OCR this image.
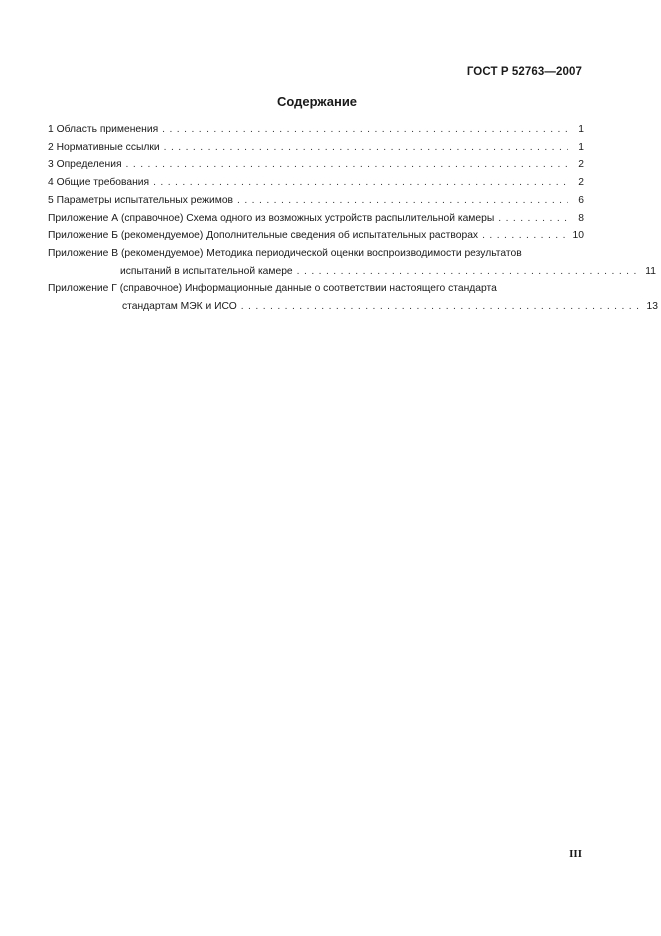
ГОСТ Р 52763—2007
Содержание
1 Область применения . . .	1
2 Нормативные ссылки . . .	1
3 Определения . . .	2
4 Общие требования . . .	2
5 Параметры испытательных режимов . . .	6
Приложение А (справочное) Схема одного из возможных устройств распылительной камеры . . .	8
Приложение Б (рекомендуемое) Дополнительные сведения об испытательных растворах . . .	10
Приложение В (рекомендуемое) Методика периодической оценки воспроизводимости результатов
испытаний в испытательной камере . . .	11
Приложение Г (справочное) Информационные данные о соответствии настоящего стандарта
стандартам МЭК и ИСО . . .	13
III
